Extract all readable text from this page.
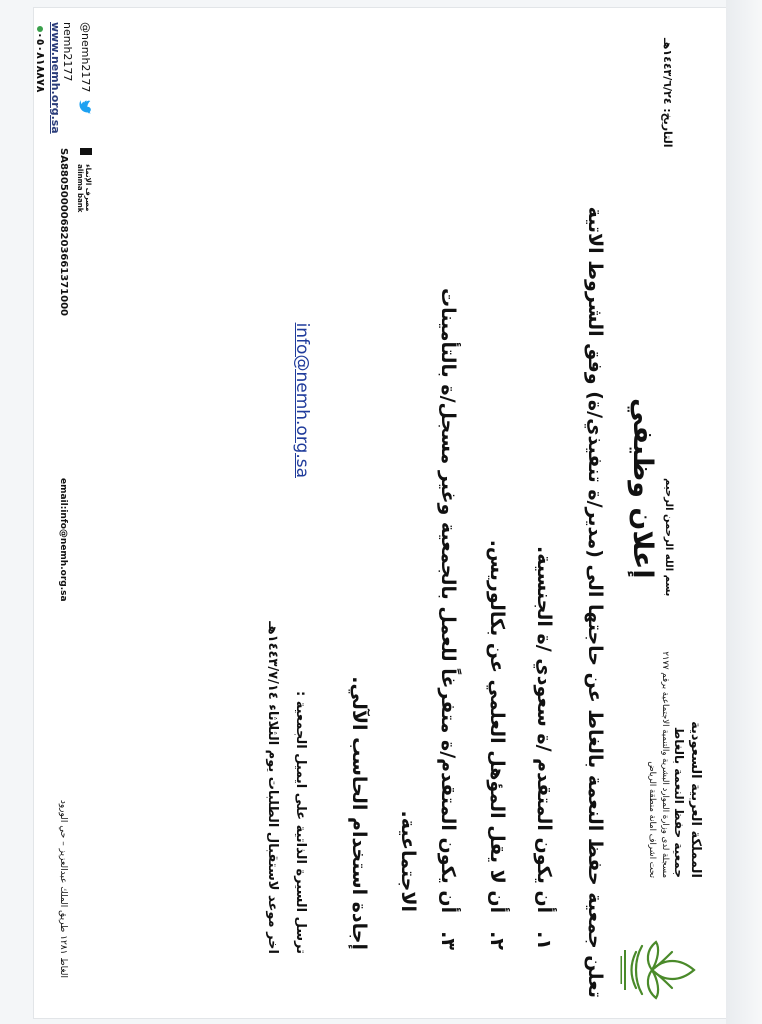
المملكة العربية السعودية
جمعية حفظ النعمة بالغاط
مسجلة لدى وزارة الموارد البشرية والتنمية الاجتماعية برقم ٢١٧٧
تحت اشراف امانة منطقة الرياض
بسم الله الرحمن الرحيم
التاريخ: ١٤٤٣/٦/٢٤هـ
إعلان وظيفي
تعلن جمعية حفظ النعمة بالغاط عن حاجتها الى (مدير/ة تنفيذي/ة) وفق الشروط الاتية
١.أن يكون المتقدم /ة سعودي /ة الجنسية.
٢.أن لا يقل المؤهل العلمي عن بكالوريس.
٣.أن يكون المتقدم/ة متفرغاً للعمل بالجمعية وغير مسجل/ة بالتأمينات
الاجتماعية.
إجادة استخدام الحاسب الآلي.
ترسل السيرة الذاتية على ايميل الجمعية :
info@nemh.org.sa
اخر موعد لاستقبال الطلبات يوم الثلاثاء ١٤٤٣/٧/١٤هـ
الغاط ١٢٨١ طريق الملك عبدالعزيز – حي الورود
email:info@nemh.org.sa

مصرف الإنماء
alinma bank
SA8805000068203661371000
@nemh2177
nemh2177
www.nemh.org.sa
٠٥٠٨١٨٨٧٨
